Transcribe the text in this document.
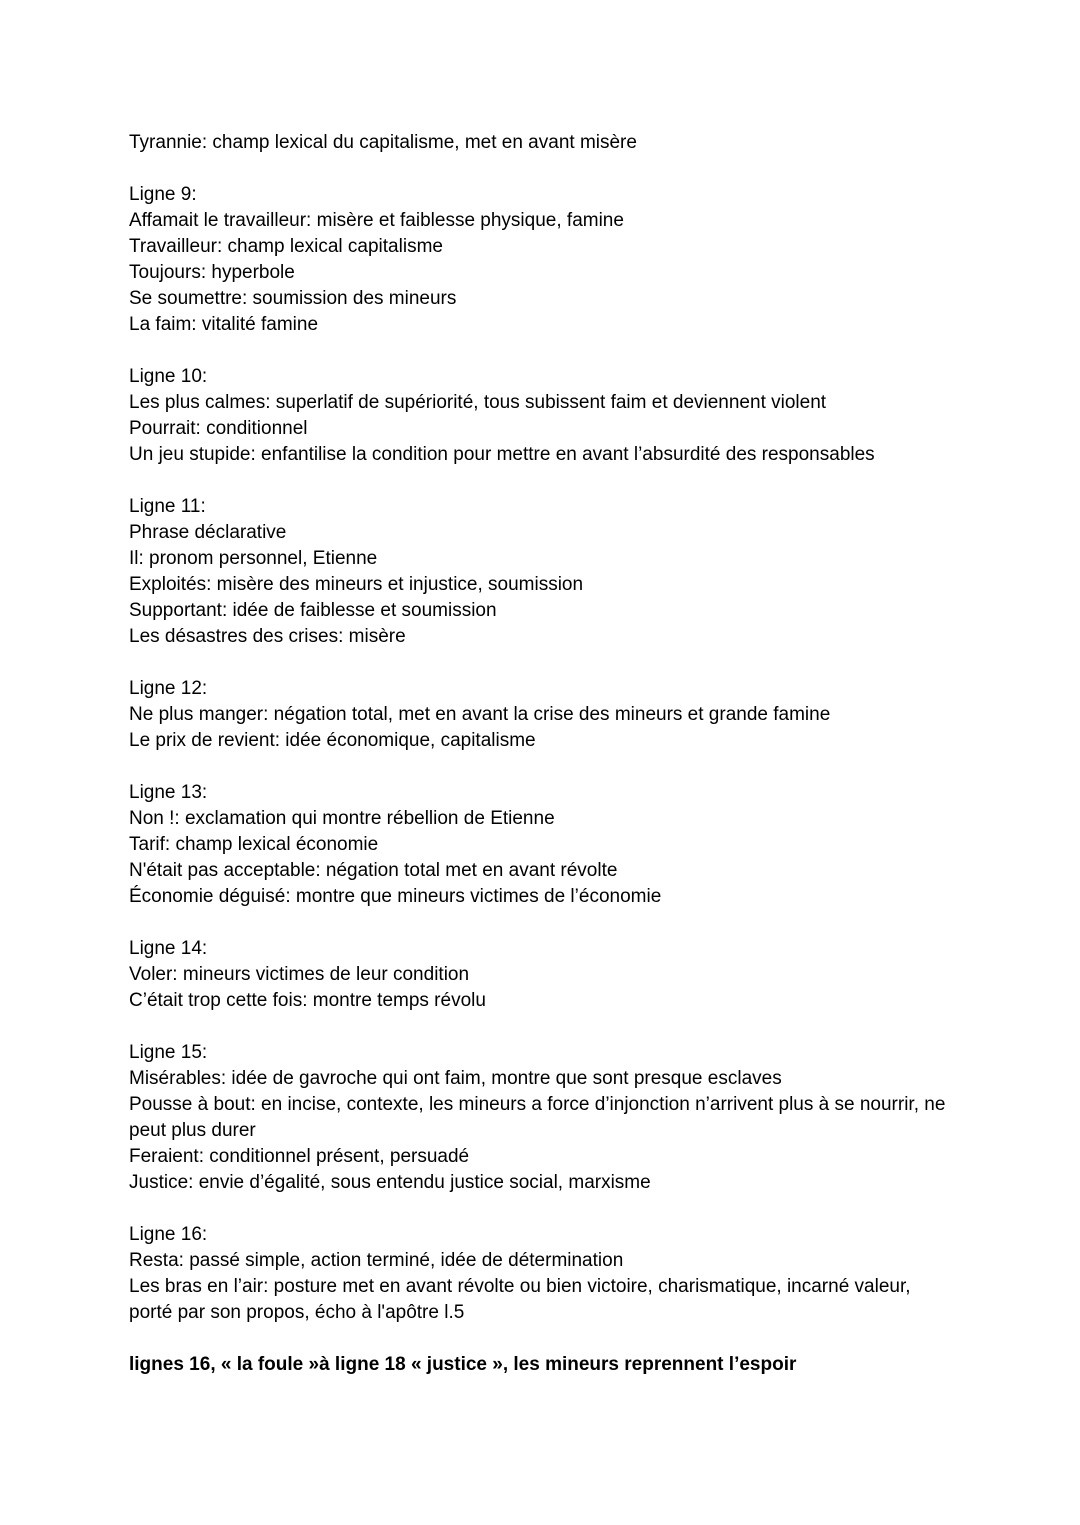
Tyrannie: champ lexical du capitalisme, met en avant misère

Ligne 9:

Affamait le travailleur: misère et faiblesse physique, famine

Travailleur: champ lexical capitalisme

Toujours: hyperbole

Se soumettre: soumission des mineurs

La faim: vitalité famine

Ligne 10:

Les plus calmes: superlatif de supériorité, tous subissent faim et deviennent violent

Pourrait: conditionnel

Un jeu stupide: enfantilise la condition pour mettre en avant l’absurdité des responsables

Ligne 11:

Phrase déclarative

Il: pronom personnel, Etienne

Exploités: misère des mineurs et injustice, soumission

Supportant: idée de faiblesse et soumission

Les désastres des crises: misère

Ligne 12:

Ne plus manger: négation total, met en avant la crise des mineurs et grande famine

Le prix de revient: idée économique, capitalisme

Ligne 13:

Non !: exclamation qui montre rébellion de Etienne

Tarif: champ lexical économie

N'était pas acceptable: négation total met en avant révolte

Économie déguisé: montre que mineurs victimes de l’économie

Ligne 14:

Voler: mineurs victimes de leur condition

C’était trop cette fois: montre temps révolu

Ligne 15:

Misérables: idée de gavroche qui ont faim, montre que sont presque esclaves

Pousse à bout: en incise, contexte, les mineurs a force d’injonction n’arrivent plus à se nourrir, ne peut plus durer

Feraient: conditionnel présent, persuadé

Justice: envie d’égalité, sous entendu justice social, marxisme

Ligne 16:

Resta: passé simple, action terminé, idée de détermination

Les bras en l’air: posture met en avant révolte ou bien victoire, charismatique, incarné valeur, porté par son propos, écho à l'apôtre l.5

lignes 16, « la foule »à ligne 18 « justice », les mineurs reprennent l’espoir
